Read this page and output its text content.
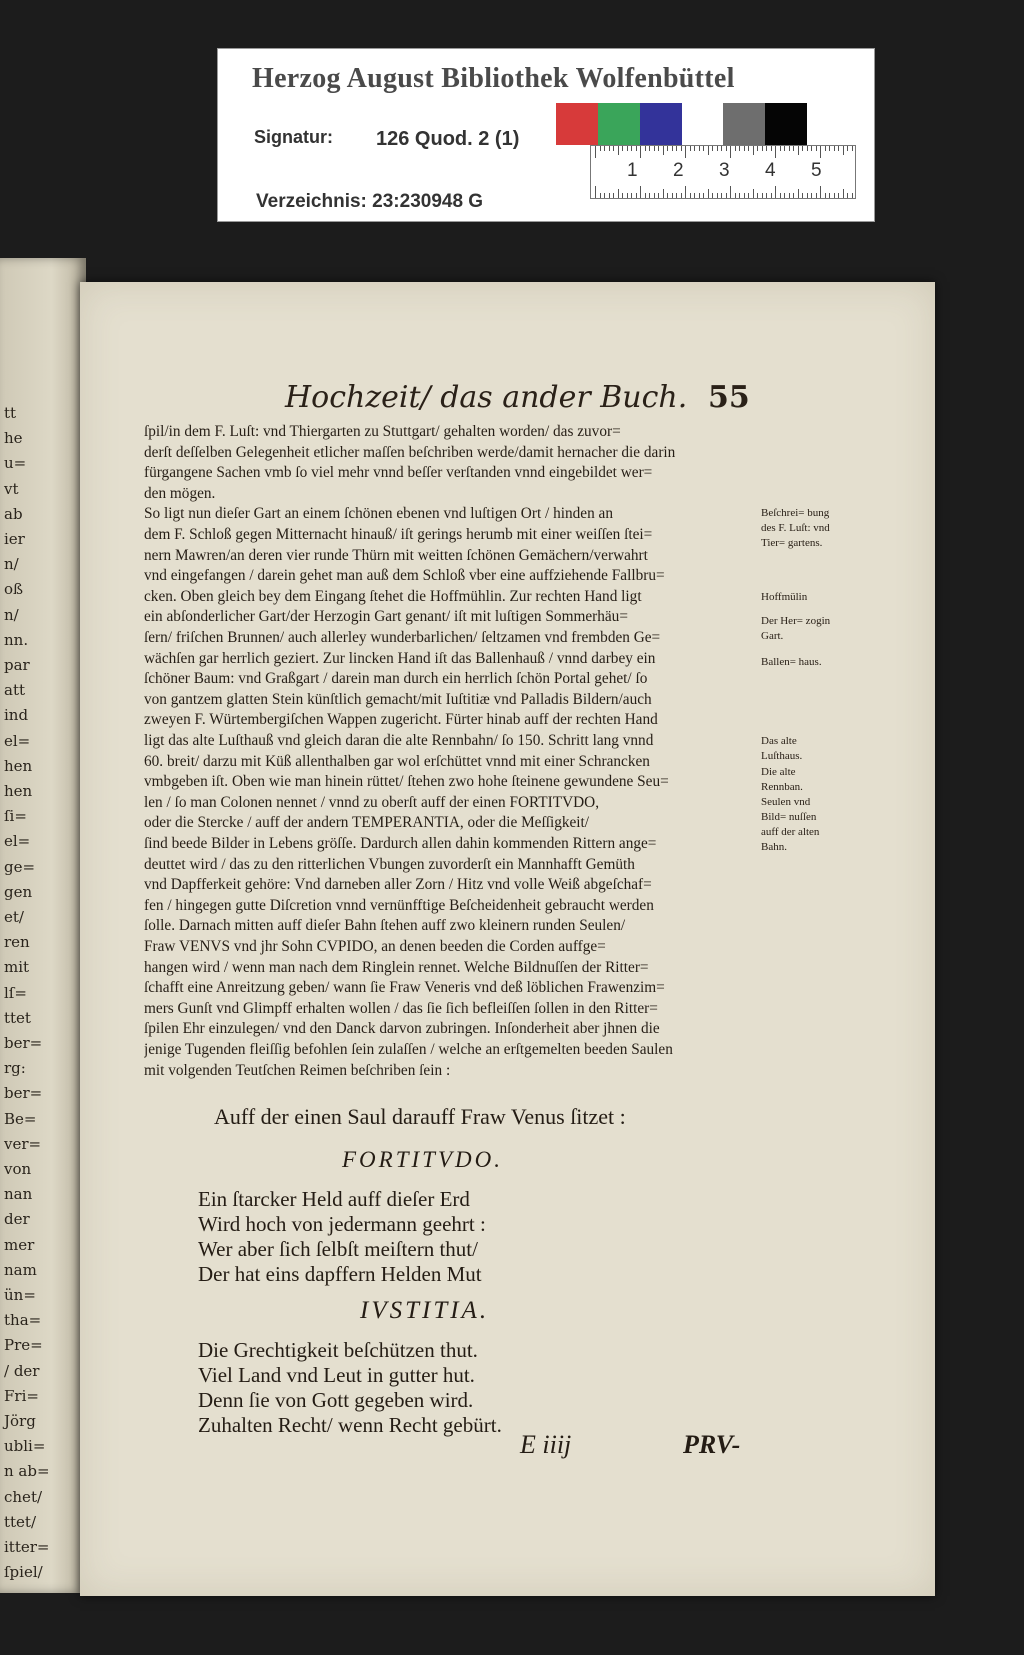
tt
he
u=
vt
ab
ier
n/
oß
n/
nn.
par
att
ind
el=
hen
hen
ſi=
el=
ge=
gen
et/
ren
mit
lſ=
ttet
ber=
rg:
ber=
Be=
ver=
von
nan
der
mer
nam
ün=
tha=
Pre=
/ der
Fri=
Jörg
ubli=
n ab=
chet/
ttet/
itter=
ſpiel/
Herzog August Bibliothek Wolfenbüttel
Signatur: 126 Quod. 2 (1)
Verzeichnis: 23:230948 G
1 2 3 4 5
Hochzeit/ das ander Buch. 55
ſpil/in dem F. Luſt: vnd Thiergarten zu Stuttgart/ gehalten worden/ das zuvor=
derſt deſſelben Gelegenheit etlicher maſſen beſchriben werde/damit hernacher die darin
fürgangene Sachen vmb ſo viel mehr vnnd beſſer verſtanden vnnd eingebildet wer=
den mögen.
So ligt nun dieſer Gart an einem ſchönen ebenen vnd luſtigen Ort / hinden an
dem F. Schloß gegen Mitternacht hinauß/ iſt gerings herumb mit einer weiſſen ſtei=
nern Mawren/an deren vier runde Thürn mit weitten ſchönen Gemächern/verwahrt
vnd eingefangen / darein gehet man auß dem Schloß vber eine auffziehende Fallbru=
cken. Oben gleich bey dem Eingang ſtehet die Hoffmühlin. Zur rechten Hand ligt
ein abſonderlicher Gart/der Herzogin Gart genant/ iſt mit luſtigen Sommerhäu=
ſern/ friſchen Brunnen/ auch allerley wunderbarlichen/ ſeltzamen vnd frembden Ge=
wächſen gar herrlich geziert. Zur lincken Hand iſt das Ballenhauß / vnnd darbey ein
ſchöner Baum: vnd Graßgart / darein man durch ein herrlich ſchön Portal gehet/ ſo
von gantzem glatten Stein künſtlich gemacht/mit Iuſtitiæ vnd Palladis Bildern/auch
zweyen F. Würtembergiſchen Wappen zugericht. Fürter hinab auff der rechten Hand
ligt das alte Luſthauß vnd gleich daran die alte Rennbahn/ ſo 150. Schritt lang vnnd
60. breit/ darzu mit Küß allenthalben gar wol erſchüttet vnnd mit einer Schrancken
vmbgeben iſt. Oben wie man hinein rüttet/ ſtehen zwo hohe ſteinene gewundene Seu=
len / ſo man Colonen nennet / vnnd zu oberſt auff der einen FORTITVDO,
oder die Stercke / auff der andern TEMPERANTIA, oder die Meſſigkeit/
ſind beede Bilder in Lebens gröſſe. Dardurch allen dahin kommenden Rittern ange=
deuttet wird / das zu den ritterlichen Vbungen zuvorderſt ein Mannhafft Gemüth
vnd Dapfferkeit gehöre: Vnd darneben aller Zorn / Hitz vnd volle Weiß abgeſchaf=
fen / hingegen gutte Diſcretion vnnd vernünfftige Beſcheidenheit gebraucht werden
ſolle. Darnach mitten auff dieſer Bahn ſtehen auff zwo kleinern runden Seulen/
Fraw VENVS vnd jhr Sohn CVPIDO, an denen beeden die Corden auffge=
hangen wird / wenn man nach dem Ringlein rennet. Welche Bildnuſſen der Ritter=
ſchafft eine Anreitzung geben/ wann ſie Fraw Veneris vnd deß löblichen Frawenzim=
mers Gunſt vnd Glimpff erhalten wollen / das ſie ſich befleiſſen ſollen in den Ritter=
ſpilen Ehr einzulegen/ vnd den Danck darvon zubringen. Inſonderheit aber jhnen die
jenige Tugenden fleiſſig befohlen ſein zulaſſen / welche an erſtgemelten beeden Saulen
mit volgenden Teutſchen Reimen beſchriben ſein :
Beſchrei= bung des F. Luſt: vnd Tier= gartens.
Hoffmülin
Der Her= zogin Gart.
Ballen= haus.
Das alte Luſthaus.
Die alte Rennban.
Seulen vnd Bild= nuſſen auff der alten Bahn.
Auff der einen Saul darauff Fraw Venus ſitzet :
FORTITVDO.
Ein ſtarcker Held auff dieſer Erd
Wird hoch von jedermann geehrt :
Wer aber ſich ſelbſt meiſtern thut/
Der hat eins dapffern Helden Mut
IVSTITIA.
Die Grechtigkeit beſchützen thut.
Viel Land vnd Leut in gutter hut.
Denn ſie von Gott gegeben wird.
Zuhalten Recht/ wenn Recht gebürt.
E iiij	PRV-
